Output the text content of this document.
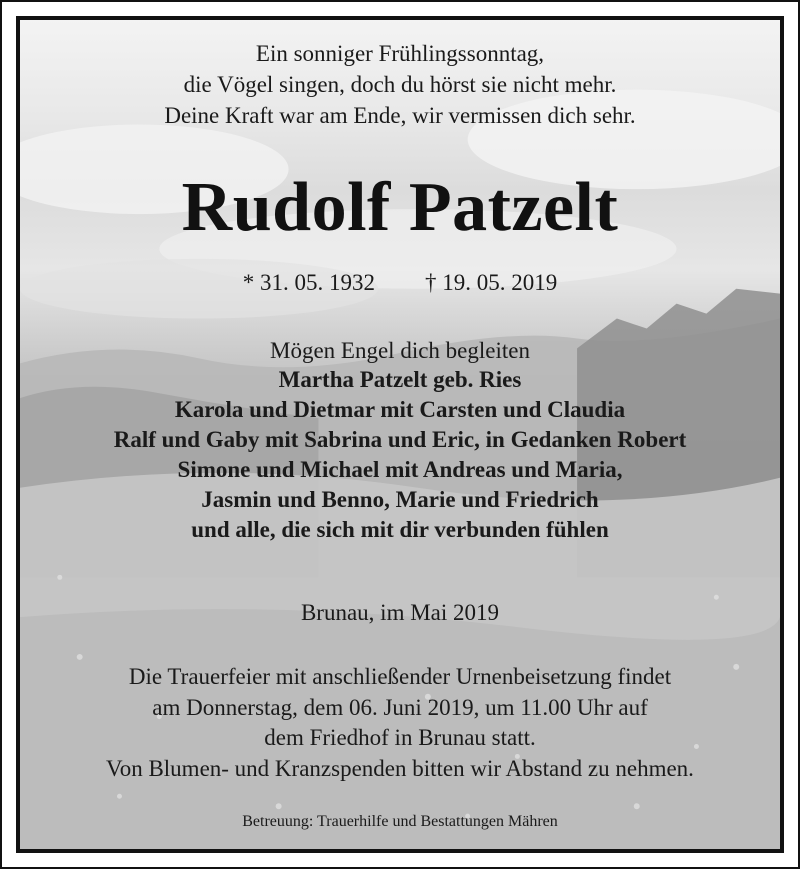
Ein sonniger Frühlingssonntag,
die Vögel singen, doch du hörst sie nicht mehr.
Deine Kraft war am Ende, wir vermissen dich sehr.
Rudolf Patzelt
* 31. 05. 1932 † 19. 05. 2019
Mögen Engel dich begleiten
Martha Patzelt geb. Ries
Karola und Dietmar mit Carsten und Claudia
Ralf und Gaby mit Sabrina und Eric, in Gedanken Robert
Simone und Michael mit Andreas und Maria,
Jasmin und Benno, Marie und Friedrich
und alle, die sich mit dir verbunden fühlen
Brunau, im Mai 2019
Die Trauerfeier mit anschließender Urnenbeisetzung findet
am Donnerstag, dem 06. Juni 2019, um 11.00 Uhr auf
dem Friedhof in Brunau statt.
Von Blumen- und Kranzspenden bitten wir Abstand zu nehmen.
Betreuung: Trauerhilfe und Bestattungen Mähren
